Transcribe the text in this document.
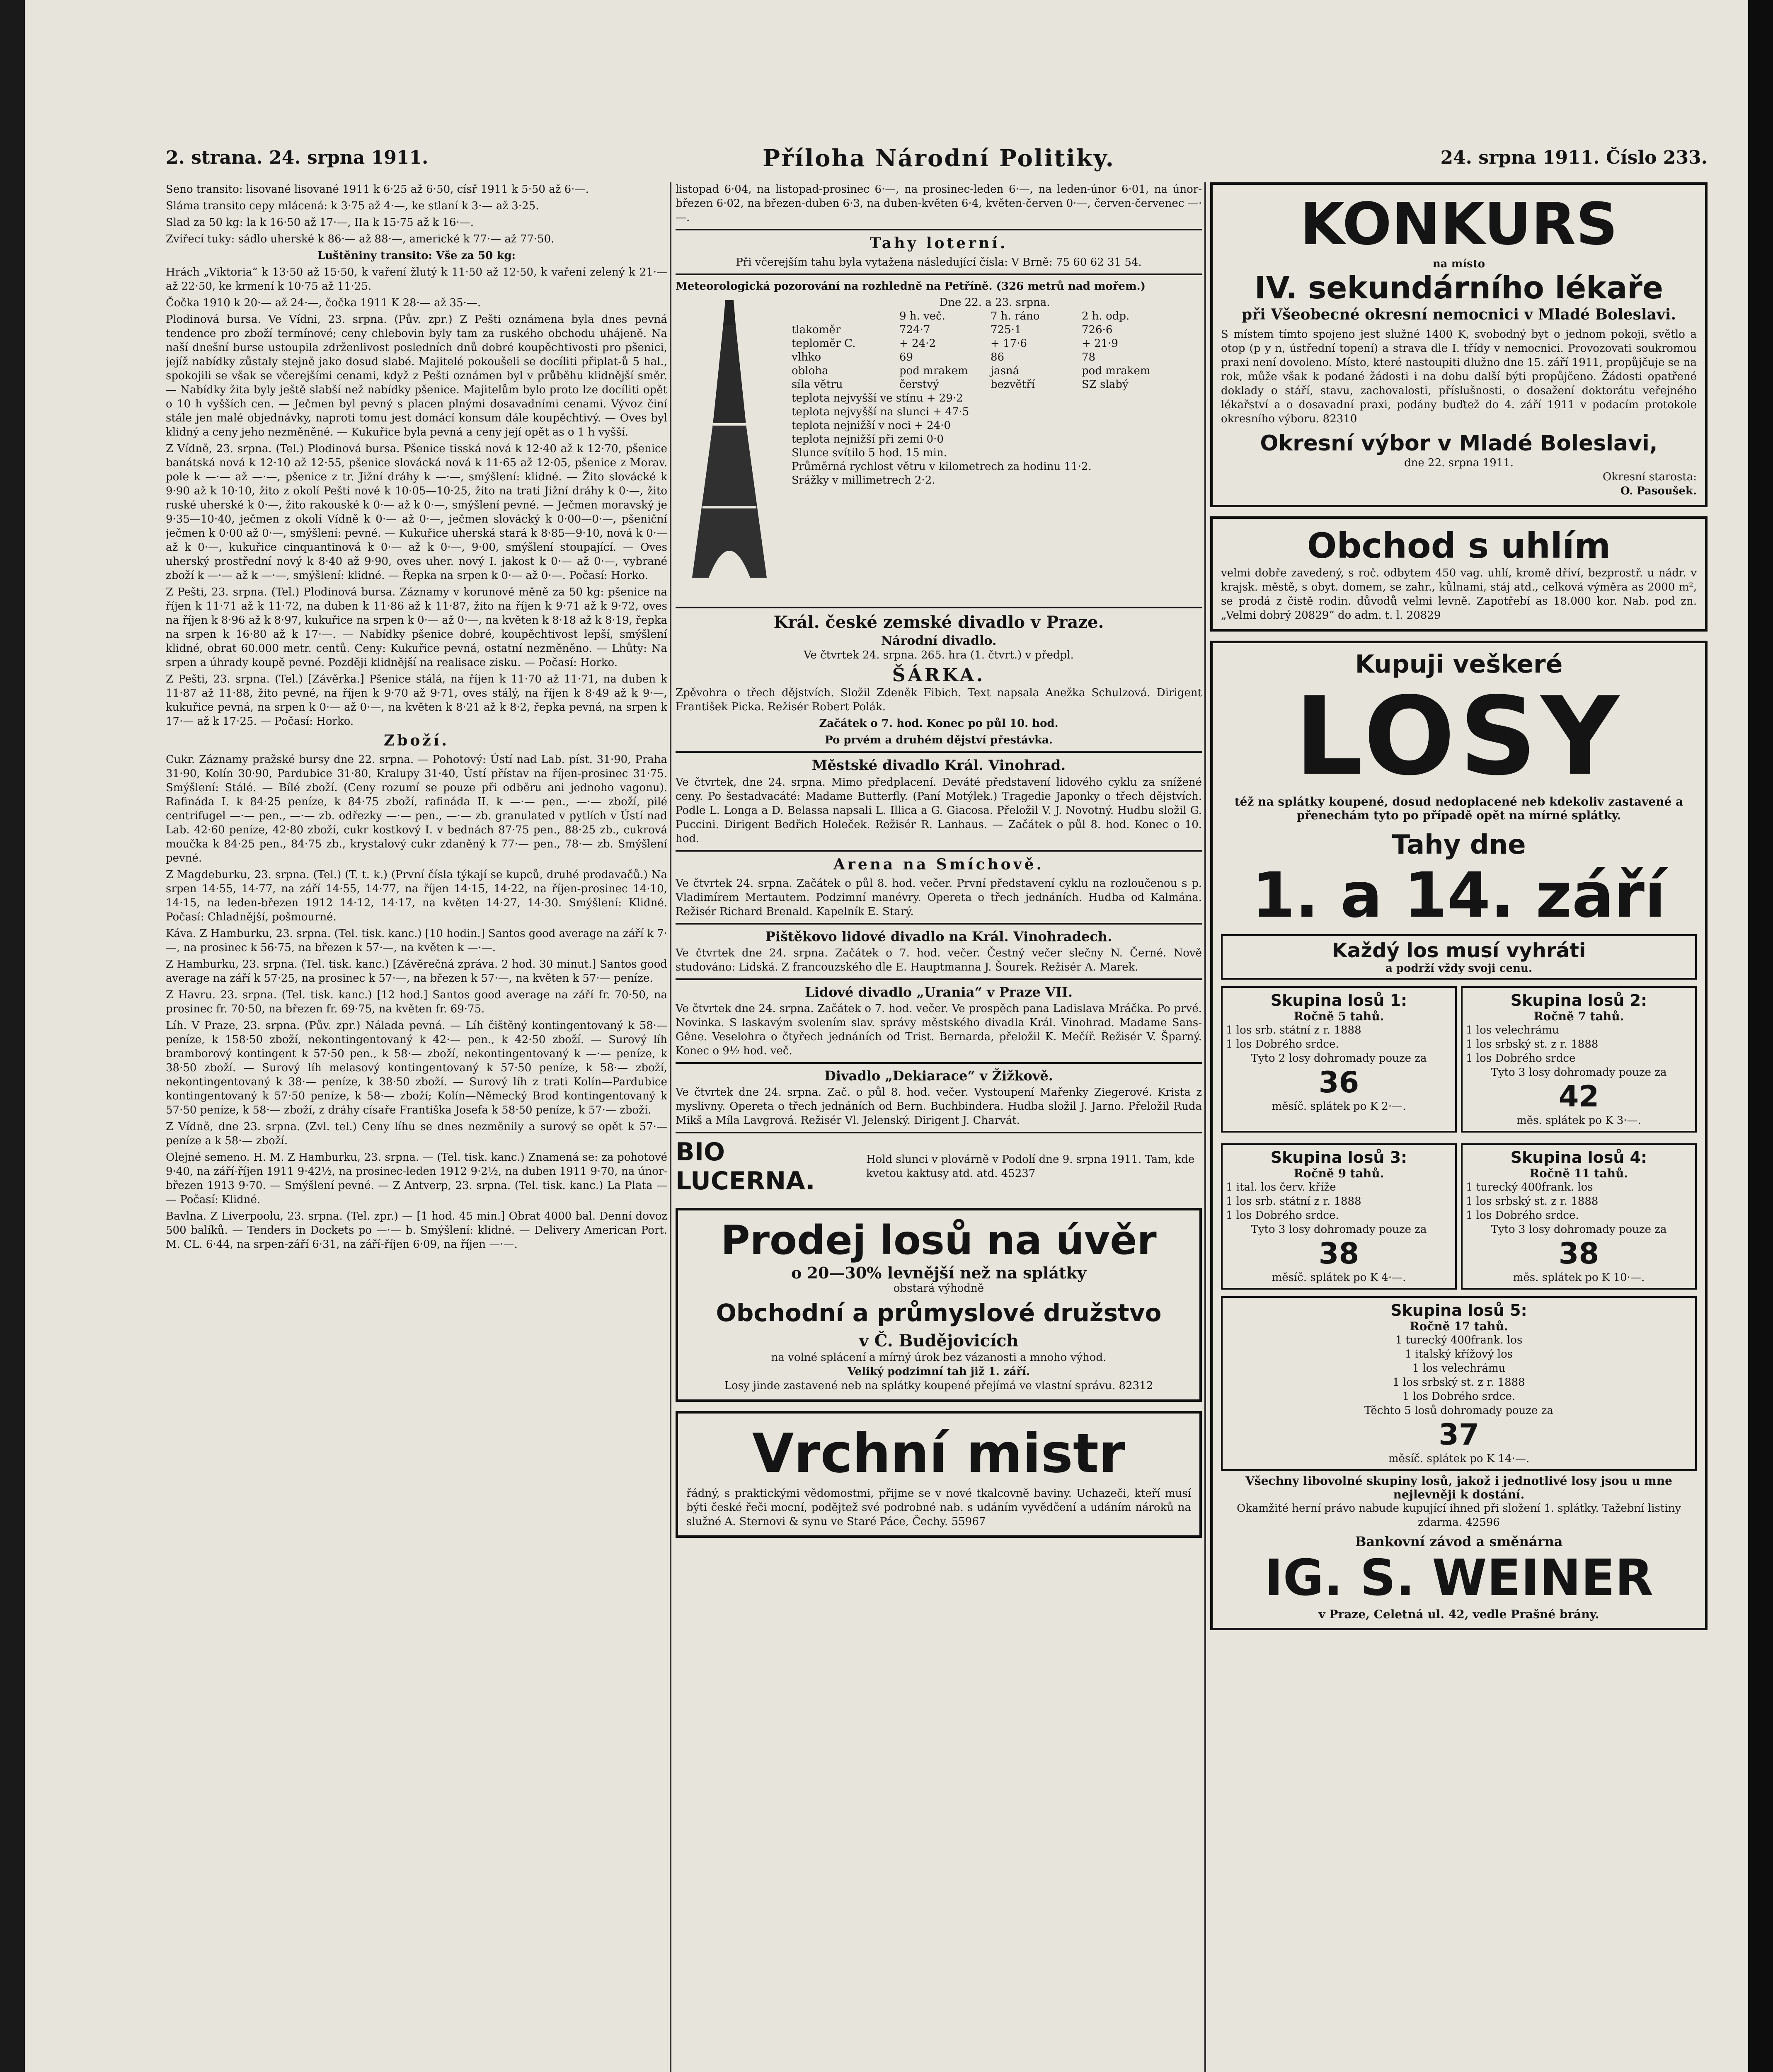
2. strana. 24. srpna 1911.	Příloha Národní Politiky.	24. srpna 1911. Číslo 233.

Seno transito: lisované lisované 1911 k 6·25 až 6·50, císř 1911 k 5·50 až 6·—.

Sláma transito cepy mlácená: k 3·75 až 4·—, ke stlaní k 3·— až 3·25.

Slad za 50 kg: la k 16·50 až 17·—, IIa k 15·75 až k 16·—.

Zvířecí tuky: sádlo uherské k 86·— až 88·—, americké k 77·— až 77·50.

Luštěniny transito: Vše za 50 kg:

Hrách „Viktoria“ k 13·50 až 15·50, k vaření žlutý k 11·50 až 12·50, k vaření zelený k 21·— až 22·50, ke krmení k 10·75 až 11·25.

Čočka 1910 k 20·— až 24·—, čočka 1911 K 28·— až 35·—.

Plodinová bursa. Ve Vídni, 23. srpna. (Pův. zpr.) Z Pešti oznámena byla dnes pevná tendence pro zboží termínové; ceny chlebovin byly tam za ruského obchodu uhájeně. Na naší dnešní burse ustoupila zdrženlivost posledních dnů dobré koupěchtivosti pro pšenici, jejíž nabídky zůstaly stejně jako dosud slabé. Majitelé pokoušeli se docíliti připlat-ů 5 hal., spokojili se však se včerejšími cenami, když z Pešti oznámen byl v průběhu klidnější směr. — Nabídky žita byly ještě slabší než nabídky pšenice. Majitelům bylo proto lze docíliti opět o 10 h vyšších cen. — Ječmen byl pevný s placen plnými dosavadními cenami. Vývoz činí stále jen malé objednávky, naproti tomu jest domácí konsum dále koupěchtivý. — Oves byl klidný a ceny jeho nezměněné. — Kukuřice byla pevná a ceny její opět as o 1 h vyšší.

Z Vídně, 23. srpna. (Tel.) Plodinová bursa. Pšenice tisská nová k 12·40 až k 12·70, pšenice banátská nová k 12·10 až 12·55, pšenice slovácká nová k 11·65 až 12·05, pšenice z Morav. pole k —·— až —·—, pšenice z tr. Jižní dráhy k —·—, smýšlení: klidné. — Žito slovácké k 9·90 až k 10·10, žito z okolí Pešti nové k 10·05—10·25, žito na trati Jižní dráhy k 0·—, žito ruské uherské k 0·—, žito rakouské k 0·— až k 0·—, smýšlení pevné. — Ječmen moravský je 9·35—10·40, ječmen z okolí Vídně k 0·— až 0·—, ječmen slovácký k 0·00—0·—, pšeniční ječmen k 0·00 až 0·—, smýšlení: pevné. — Kukuřice uherská stará k 8·85—9·10, nová k 0·— až k 0·—, kukuřice cinquantinová k 0·— až k 0·—, 9·00, smýšlení stoupající. — Oves uherský prostřední nový k 8·40 až 9·90, oves uher. nový I. jakost k 0·— až 0·—, vybrané zboží k —·— až k —·—, smýšlení: klidné. — Řepka na srpen k 0·— až 0·—. Počasí: Horko.

Z Pešti, 23. srpna. (Tel.) Plodinová bursa. Záznamy v korunové měně za 50 kg: pšenice na říjen k 11·71 až k 11·72, na duben k 11·86 až k 11·87, žito na říjen k 9·71 až k 9·72, oves na říjen k 8·96 až k 8·97, kukuřice na srpen k 0·— až 0·—, na květen k 8·18 až k 8·19, řepka na srpen k 16·80 až k 17·—. — Nabídky pšenice dobré, koupěchtivost lepší, smýšlení klidné, obrat 60.000 metr. centů. Ceny: Kukuřice pevná, ostatní nezměněno. — Lhůty: Na srpen a úhrady koupě pevné. Později klidnější na realisace zisku. — Počasí: Horko.

Z Pešti, 23. srpna. (Tel.) [Závěrka.] Pšenice stálá, na říjen k 11·70 až 11·71, na duben k 11·87 až 11·88, žito pevné, na říjen k 9·70 až 9·71, oves stálý, na říjen k 8·49 až k 9·—, kukuřice pevná, na srpen k 0·— až 0·—, na květen k 8·21 až k 8·2, řepka pevná, na srpen k 17·— až k 17·25. — Počasí: Horko.

Zboží.

Cukr. Záznamy pražské bursy dne 22. srpna. — Pohotový: Ústí nad Lab. píst. 31·90, Praha 31·90, Kolín 30·90, Pardubice 31·80, Kralupy 31·40, Ústí přístav na říjen-prosinec 31·75. Smýšlení: Stálé. — Bílé zboží. (Ceny rozumí se pouze při odběru ani jednoho vagonu). Rafináda I. k 84·25 peníze, k 84·75 zboží, rafináda II. k —·— pen., —·— zboží, pilé centrifugel —·— pen., —·— zb. odřezky —·— pen., —·— zb. granulated v pytlích v Ústí nad Lab. 42·60 peníze, 42·80 zboží, cukr kostkový I. v bednách 87·75 pen., 88·25 zb., cukrová moučka k 84·25 pen., 84·75 zb., krystalový cukr zdaněný k 77·— pen., 78·— zb. Smýšlení pevné.

Z Magdeburku, 23. srpna. (Tel.) (T. t. k.) (První čísla týkají se kupců, druhé prodavačů.) Na srpen 14·55, 14·77, na září 14·55, 14·77, na říjen 14·15, 14·22, na říjen-prosinec 14·10, 14·15, na leden-březen 1912 14·12, 14·17, na květen 14·27, 14·30. Smýšlení: Klidné. Počasí: Chladnější, pošmourné.

Káva. Z Hamburku, 23. srpna. (Tel. tisk. kanc.) [10 hodin.] Santos good average na září k 7·—, na prosinec k 56·75, na březen k 57·—, na květen k —·—.

Z Hamburku, 23. srpna. (Tel. tisk. kanc.) [Závěrečná zpráva. 2 hod. 30 minut.] Santos good average na září k 57·25, na prosinec k 57·—, na březen k 57·—, na květen k 57·— peníze.

Z Havru. 23. srpna. (Tel. tisk. kanc.) [12 hod.] Santos good average na září fr. 70·50, na prosinec fr. 70·50, na březen fr. 69·75, na květen fr. 69·75.

Líh. V Praze, 23. srpna. (Pův. zpr.) Nálada pevná. — Líh čištěný kontingentovaný k 58·— peníze, k 158·50 zboží, nekontingentovaný k 42·— pen., k 42·50 zboží. — Surový líh bramborový kontingent k 57·50 pen., k 58·— zboží, nekontingentovaný k —·— peníze, k 38·50 zboží. — Surový líh melasový kontingentovaný k 57·50 peníze, k 58·— zboží, nekontingentovaný k 38·— peníze, k 38·50 zboží. — Surový líh z trati Kolín—Pardubice kontingentovaný k 57·50 peníze, k 58·— zboží; Kolín—Německý Brod kontingentovaný k 57·50 peníze, k 58·— zboží, z dráhy císaře Františka Josefa k 58·50 peníze, k 57·— zboží.

Z Vídně, dne 23. srpna. (Zvl. tel.) Ceny líhu se dnes nezměnily a surový se opět k 57·— peníze a k 58·— zboží.

Olejné semeno. H. M. Z Hamburku, 23. srpna. — (Tel. tisk. kanc.) Znamená se: za pohotové 9·40, na září-říjen 1911 9·42½, na prosinec-leden 1912 9·2½, na duben 1911 9·70, na únor-březen 1913 9·70. — Smýšlení pevné. — Z Antverp, 23. srpna. (Tel. tisk. kanc.) La Plata — — Počasí: Klidné.

Bavlna. Z Liverpoolu, 23. srpna. (Tel. zpr.) — [1 hod. 45 min.] Obrat 4000 bal. Denní dovoz 500 balíků. — Tenders in Dockets po —·— b. Smýšlení: klidné. — Delivery American Port. M. CL. 6·44, na srpen-září 6·31, na září-říjen 6·09, na říjen —·—.

listopad 6·04, na listopad-prosinec 6·—, na prosinec-leden 6·—, na leden-únor 6·01, na únor-březen 6·02, na březen-duben 6·3, na duben-květen 6·4, květen-červen 0·—, červen-červenec —·—.

Tahy loterní.

Při včerejším tahu byla vytažena následující čísla: V Brně: 75 60 62 31 54.

Meteorologická pozorování na rozhledně na Petříně. (326 metrů nad mořem.)
Dne 22. a 23. srpna.
9 h. več.	7 h. ráno	2 h. odp.
tlakoměr	724·7	725·1	726·6
teploměr C.	+ 24·2	+ 17·6	+ 21·9
vlhko	69	86	78
obloha	pod mrakem	jasná	pod mrakem
síla větru	čerstvý	bezvětří	SZ slabý
teplota nejvyšší ve stínu + 29·2
teplota nejvyšší na slunci + 47·5
teplota nejnižší v noci + 24·0
teplota nejnižší při zemi 0·0
Slunce svítilo 5 hod. 15 min.
Průměrná rychlost větru v kilometrech za hodinu 11·2.
Srážky v millimetrech 2·2.
Král. české zemské divadlo v Praze.
Národní divadlo.

Ve čtvrtek 24. srpna. 265. hra (1. čtvrt.) v předpl.

ŠÁRKA.

Zpěvohra o třech dějstvích. Složil Zdeněk Fibich. Text napsala Anežka Schulzová. Dirigent František Picka. Režisér Robert Polák.

Začátek o 7. hod. Konec po půl 10. hod.

Po prvém a druhém dějství přestávka.

Městské divadlo Král. Vinohrad.

Ve čtvrtek, dne 24. srpna. Mimo předplacení. Deváté představení lidového cyklu za snížené ceny. Po šestadvacáté: Madame Butterfly. (Paní Motýlek.) Tragedie Japonky o třech dějstvích. Podle L. Longa a D. Belassa napsali L. Illica a G. Giacosa. Přeložil V. J. Novotný. Hudbu složil G. Puccini. Dirigent Bedřich Holeček. Režisér R. Lanhaus. — Začátek o půl 8. hod. Konec o 10. hod.

Arena na Smíchově.

Ve čtvrtek 24. srpna. Začátek o půl 8. hod. večer. První představení cyklu na rozloučenou s p. Vladimírem Mertautem. Podzimní manévry. Opereta o třech jednáních. Hudba od Kalmána. Režisér Richard Brenald. Kapelník E. Starý.

Pištěkovo lidové divadlo na Král. Vinohradech.

Ve čtvrtek dne 24. srpna. Začátek o 7. hod. večer. Čestný večer slečny N. Černé. Nově studováno: Lidská. Z francouzského dle E. Hauptmanna J. Šourek. Režisér A. Marek.

Lidové divadlo „Urania“ v Praze VII.

Ve čtvrtek dne 24. srpna. Začátek o 7. hod. večer. Ve prospěch pana Ladislava Mráčka. Po prvé. Novinka. S laskavým svolením slav. správy městského divadla Král. Vinohrad. Madame Sans-Gêne. Veselohra o čtyřech jednáních od Trist. Bernarda, přeložil K. Mečíř. Režisér V. Šparný. Konec o 9½ hod. več.

Divadlo „Dekiarace“ v Žižkově.

Ve čtvrtek dne 24. srpna. Zač. o půl 8. hod. večer. Vystoupení Mařenky Ziegerové. Krista z myslivny. Opereta o třech jednáních od Bern. Buchbindera. Hudba složil J. Jarno. Přeložil Ruda Mikš a Míla Lavgrová. Režisér Vl. Jelenský. Dirigent J. Charvát.

BIO LUCERNA.
Hold slunci v plovárně v Podolí dne 9. srpna 1911. Tam, kde kvetou kaktusy atd. atd. 45237
Prodej losů na úvěr
o 20—30% levnější než na splátky
obstará výhodně
Obchodní a průmyslové družstvo
v Č. Budějovicích
na volné splácení a mírný úrok bez vázanosti a mnoho výhod.
Veliký podzimní tah již 1. září.
Losy jinde zastavené neb na splátky koupené přejímá ve vlastní správu. 82312
Vrchní mistr
řádný, s praktickými vědomostmi, přijme se v nové tkalcovně baviny. Uchazeči, kteří musí býti české řeči mocní, podějtež své podrobné nab. s udáním vyvědčení a udáním nároků na služné A. Sternovi & synu ve Staré Páce, Čechy. 55967
KONKURS
na místo
IV. sekundárního lékaře
při Všeobecné okresní nemocnici v Mladé Boleslavi.
S místem tímto spojeno jest služné 1400 K, svobodný byt o jednom pokoji, světlo a otop (p y n, ústřední topení) a strava dle I. třídy v nemocnici. Provozovati soukromou praxi není dovoleno. Místo, které nastoupiti dlužno dne 15. září 1911, propůjčuje se na rok, může však k podané žádosti i na dobu další býti propůjčeno. Žádosti opatřené doklady o stáří, stavu, zachovalosti, příslušnosti, o dosažení doktorátu veřejného lékařství a o dosavadní praxi, podány buďtež do 4. září 1911 v podacím protokole okresního výboru. 82310
Okresní výbor v Mladé Boleslavi,
dne 22. srpna 1911.
Okresní starosta:
O. Pasoušek.
Obchod s uhlím
velmi dobře zavedený, s roč. odbytem 450 vag. uhlí, kromě dříví, bezprostř. u nádr. v krajsk. městě, s obyt. domem, se zahr., kůlnami, stáj atd., celková výměra as 2000 m², se prodá z čistě rodin. důvodů velmi levně. Zapotřebí as 18.000 kor. Nab. pod zn. „Velmi dobrý 20829“ do adm. t. l. 20829
Kupuji veškeré
LOSY
též na splátky koupené, dosud nedoplacené neb kdekoliv zastavené a přenechám tyto po případě opět na mírné splátky.
Tahy dne
1. a 14. září
Každý los musí vyhráti
a podrží vždy svoji cenu.
Skupina losů 1:
Ročně 5 tahů.
1 los srb. státní z r. 1888
1 los Dobrého srdce.
Tyto 2 losy dohromady pouze za
36
měsíč. splátek po K 2·—.
Skupina losů 2:
Ročně 7 tahů.
1 los velechrámu
1 los srbský st. z r. 1888
1 los Dobrého srdce
Tyto 3 losy dohromady pouze za
42
měs. splátek po K 3·—.
Skupina losů 3:
Ročně 9 tahů.
1 ital. los červ. kříže
1 los srb. státní z r. 1888
1 los Dobrého srdce.
Tyto 3 losy dohromady pouze za
38
měsíč. splátek po K 4·—.
Skupina losů 4:
Ročně 11 tahů.
1 turecký 400frank. los
1 los srbský st. z r. 1888
1 los Dobrého srdce.
Tyto 3 losy dohromady pouze za
38
měs. splátek po K 10·—.
Skupina losů 5:
Ročně 17 tahů.
1 turecký 400frank. los
1 italský křížový los
1 los velechrámu
1 los srbský st. z r. 1888
1 los Dobrého srdce.
Těchto 5 losů dohromady pouze za
37
měsíč. splátek po K 14·—.
Všechny libovolné skupiny losů, jakož i jednotlivé losy jsou u mne nejlevněji k dostání.
Okamžité herní právo nabude kupující ihned při složení 1. splátky. Tažební listiny zdarma. 42596
Bankovní závod a směnárna
IG. S. WEINER
v Praze, Celetná ul. 42, vedle Prašné brány.
